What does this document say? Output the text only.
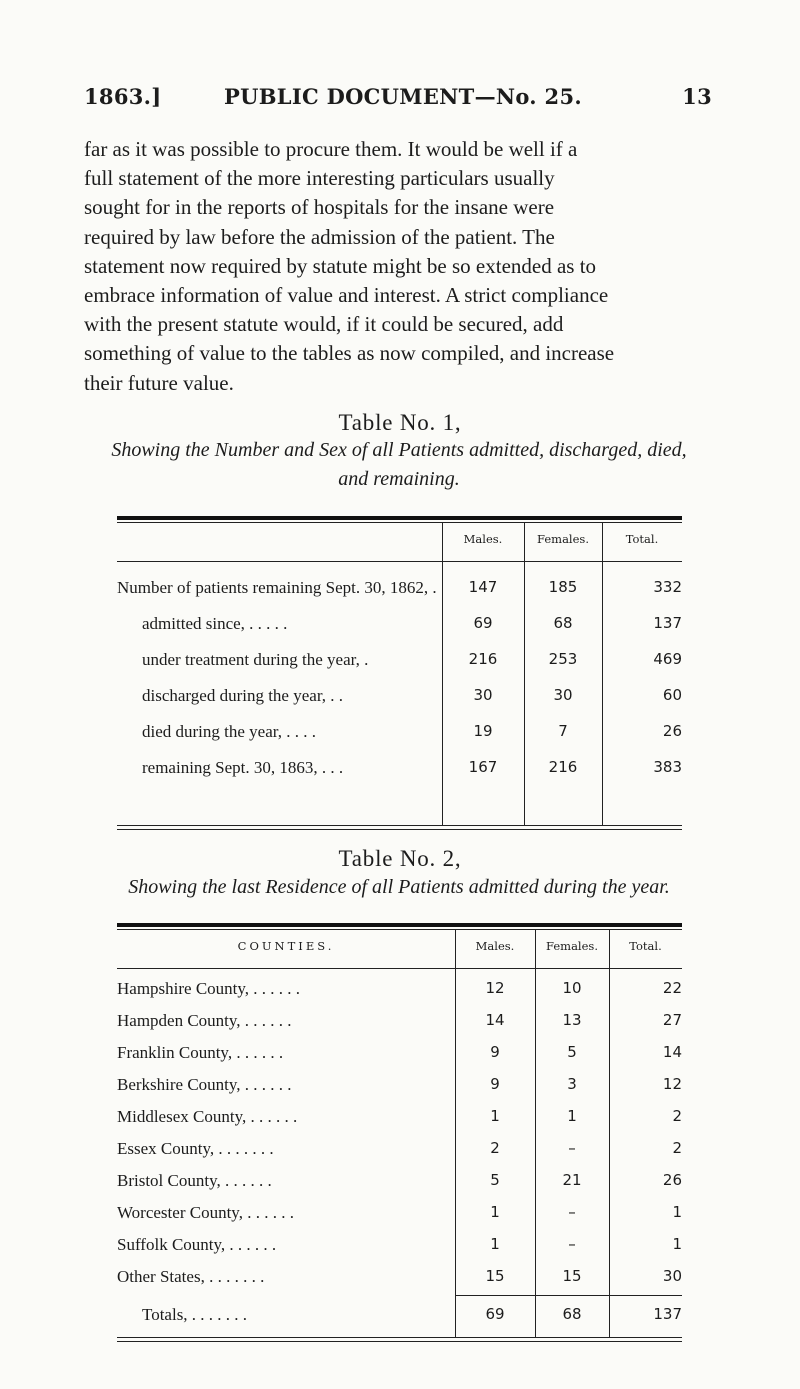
1863.]	PUBLIC DOCUMENT—No. 25.	13
far as it was possible to procure them. It would be well if a
full statement of the more interesting particulars usually
sought for in the reports of hospitals for the insane were
required by law before the admission of the patient. The
statement now required by statute might be so extended as to
embrace information of value and interest. A strict compliance
with the present statute would, if it could be secured, add
something of value to the tables as now compiled, and increase
their future value.
Table No. 1,
Showing the Number and Sex of all Patients admitted, discharged, died,
and remaining.
Males.	Females.	Total.
Number of patients remaining Sept. 30, 1862, .	147	185	332
admitted since, . . . . .	69	68	137
under treatment during the year, .	216	253	469
discharged during the year, . .	30	30	60
died during the year, . . . .	19	7	26
remaining Sept. 30, 1863, . . .	167	216	383
Table No. 2,
Showing the last Residence of all Patients admitted during the year.
COUNTIES.	Males.	Females.	Total.
Hampshire County, . . . . . .	12	10	22
Hampden County, . . . . . .	14	13	27
Franklin County, . . . . . .	9	5	14
Berkshire County, . . . . . .	9	3	12
Middlesex County, . . . . . .	1	1	2
Essex County, . . . . . . .	2	–	2
Bristol County, . . . . . .	5	21	26
Worcester County, . . . . . .	1	–	1
Suffolk County, . . . . . .	1	–	1
Other States, . . . . . . .	15	15	30
Totals, . . . . . . .	69	68	137
